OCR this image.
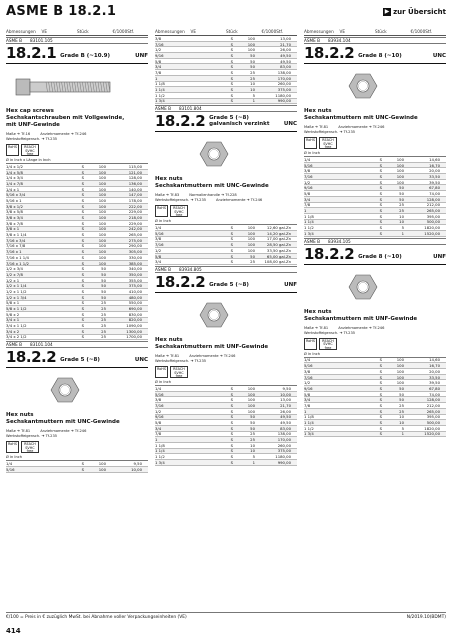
ASME B 18.2.1	▶ zur Übersicht
Abmessungen	VE	Stück	€/1000Stf.
ASME B	83101.105
18.2.1 Grade B (~10.9)	UNF
Hex cap screws
Sechskantschrauben mit Vollgewinde,
mit UNF-Gewinde
Maße ➔ Tf-16	Anziehmomente ➔ Tf-246
Werkstoffeigensch. ➔ Tf-235
RoHS	REACH SVHC free
Ø in Inch x Länge in Inch
1/4 x 1/2	S	100	115,00
1/4 x 5/8	S	100	121,00
1/4 x 3/4	S	100	128,00
1/4 x 7/8	S	100	136,00
1/4 x 1	S	100	140,00
5/16 x 3/4	S	100	147,00
5/16 x 1	S	100	178,00
3/8 x 1/2	S	100	222,00
3/8 x 5/8	S	100	229,00
3/8 x 3/4	S	100	218,00
3/8 x 7/8	S	100	229,00
3/8 x 1	S	100	242,00
3/8 x 1 1/4	S	100	265,00
7/16 x 3/4	S	100	275,00
7/16 x 7/8	S	100	290,00
7/16 x 1	S	100	305,00
7/16 x 1 1/4	S	100	330,00
7/16 x 1 1/2	S	100	385,00
1/2 x 3/4	S	50	340,00
1/2 x 7/8	S	50	350,00
1/2 x 1	S	50	355,00
1/2 x 1 1/4	S	50	375,00
1/2 x 1 1/2	S	50	410,00
1/2 x 1 3/4	S	50	480,00
5/8 x 1	S	25	550,00
5/8 x 1 1/2	S	25	690,00
5/8 x 2	S	25	830,00
3/4 x 1	S	25	820,00
3/4 x 1 1/2	S	25	1090,00
3/4 x 2	S	25	1300,00
3/4 x 2 1/2	S	25	1700,00
ASME B	83101.104
18.2.2 Grade 5 (~8)	UNC
Hex nuts
Sechskantmuttern mit UNC-Gewinde
Maße ➔ Tf-81	Anziehmomente ➔ Tf-246
Werkstoffeigensch. ➔ Tf-235
RoHS	REACH SVHC free
Ø in Inch
1/4	S	100	9,50
5/16	S	100	10,00
Abmessungen	VE	Stück	€/1000Stf.
3/8	S	100	13,00
7/16	S	100	21,70
1/2	S	100	26,00
9/16	S	50	49,50
5/8	S	50	49,50
3/4	S	50	83,00
7/8	S	25	138,00
1	S	25	170,00
1 1/8	S	10	260,00
1 1/4	S	10	375,00
1 1/2	S	5	1180,00
1 3/4	S	1	990,00
ASME B	83101.804
18.2.2 Grade 5 (~8)
galvanisch verzinkt	UNC
Hex nuts
Sechskantmuttern mit UNC-Gewinde
Maße ➔ Tf-83	Normalienhandle ➔ Tf-228
Werkstoffeigensch. ➔ Tf-235	Anziehmomente ➔ Tf-246
RoHS	REACH SVHC free
Ø in Inch
1/4	S	100	12,60 gal.Zn
5/16	S	100	14,20 gal.Zn
3/8	S	100	17,00 gal.Zn
7/16	S	100	28,50 gal.Zn
1/2	S	100	33,50 gal.Zn
5/8	S	50	65,00 gal.Zn
3/4	S	25	108,00 gal.Zn
ASME B	83934.805
18.2.2 Grade 5 (~8)	UNF
Hex nuts
Sechskantmuttern mit UNF-Gewinde
Maße ➔ Tf-81	Anziehmomente ➔ Tf-246
Werkstoffeigensch. ➔ Tf-235
RoHS	REACH SVHC free
Ø in Inch
1/4	S	100	9,50
5/16	S	100	10,00
3/8	S	100	13,00
7/16	S	100	21,70
1/2	S	100	26,00
9/16	S	50	49,50
5/8	S	50	49,50
3/4	S	50	83,00
7/8	S	25	138,00
1	S	25	170,00
1 1/8	S	10	260,00
1 1/4	S	10	375,00
1 1/2	S	5	1180,00
1 3/4	S	1	990,00
Abmessungen	VE	Stück	€/1000Stf.
ASME B	83934.104
18.2.2 Grade 8 (~10)	UNC
Hex nuts
Sechskantmuttern mit UNC-Gewinde
Maße ➔ Tf-81	Anziehmomente ➔ Tf-246
Werkstoffeigensch. ➔ Tf-235
RoHS	REACH SVHC free
Ø in Inch
1/4	S	100	14,60
5/16	S	100	16,70
3/8	S	100	20,00
7/16	S	100	33,50
1/2	S	100	39,50
9/16	S	50	67,80
5/8	S	50	74,00
3/4	S	50	128,00
7/8	S	25	212,00
1	S	25	265,00
1 1/8	S	10	395,00
1 1/4	S	10	500,00
1 1/2	S	5	1820,00
1 3/4	S	1	1520,00
ASME B	83934.105
18.2.2 Grade 8 (~10)	UNF
Hex nuts
Sechskantmuttern mit UNF-Gewinde
Maße ➔ Tf-81	Anziehmomente ➔ Tf-246
Werkstoffeigensch. ➔ Tf-235
RoHS	REACH SVHC free
Ø in Inch
1/4	S	100	14,60
5/16	S	100	16,70
3/8	S	100	20,00
7/16	S	100	33,50
1/2	S	100	39,50
9/16	S	50	67,80
5/8	S	50	74,00
3/4	S	50	128,00
7/8	S	25	212,00
1	S	25	265,00
1 1/8	S	10	395,00
1 1/4	S	10	500,00
1 1/2	S	5	1820,00
1 3/4	S	1	1520,00
€/100 = Preis in € zuzüglich MwSt. bei Abnahme voller Verpackungseinheiten (VE)	N/2019.10(BDMT)
414
